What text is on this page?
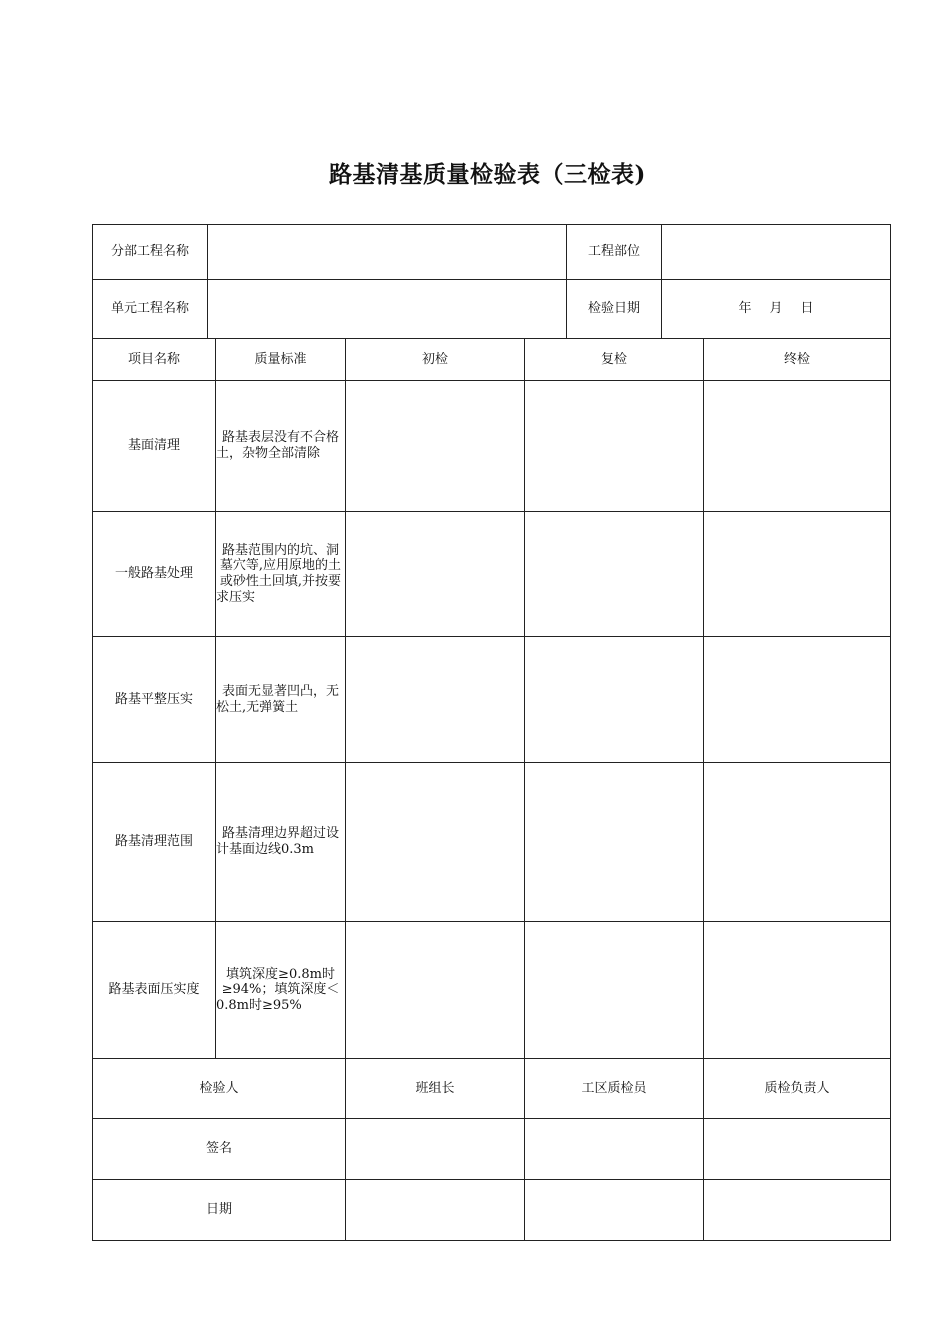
路基清基质量检验表（三检表)
分部工程名称					工程部位		
单元工程名称					检验日期	年 月 日	
项目名称		质量标准	初检	复检			终检
基面清理		路基表层没有不合格土，杂物全部清除					
一般路基处理		路基范围内的坑、洞墓穴等,应用原地的土或砂性土回填,并按要求压实					
路基平整压实		表面无显著凹凸，无松土,无弹簧土					
路基清理范围		路基清理边界超过设计基面边线0.3m					
路基表面压实度		填筑深度≥0.8m时≥94%；填筑深度＜0.8m时≥95%					
检验人			班组长	工区质检员			质检负责人
签名							
日期							
